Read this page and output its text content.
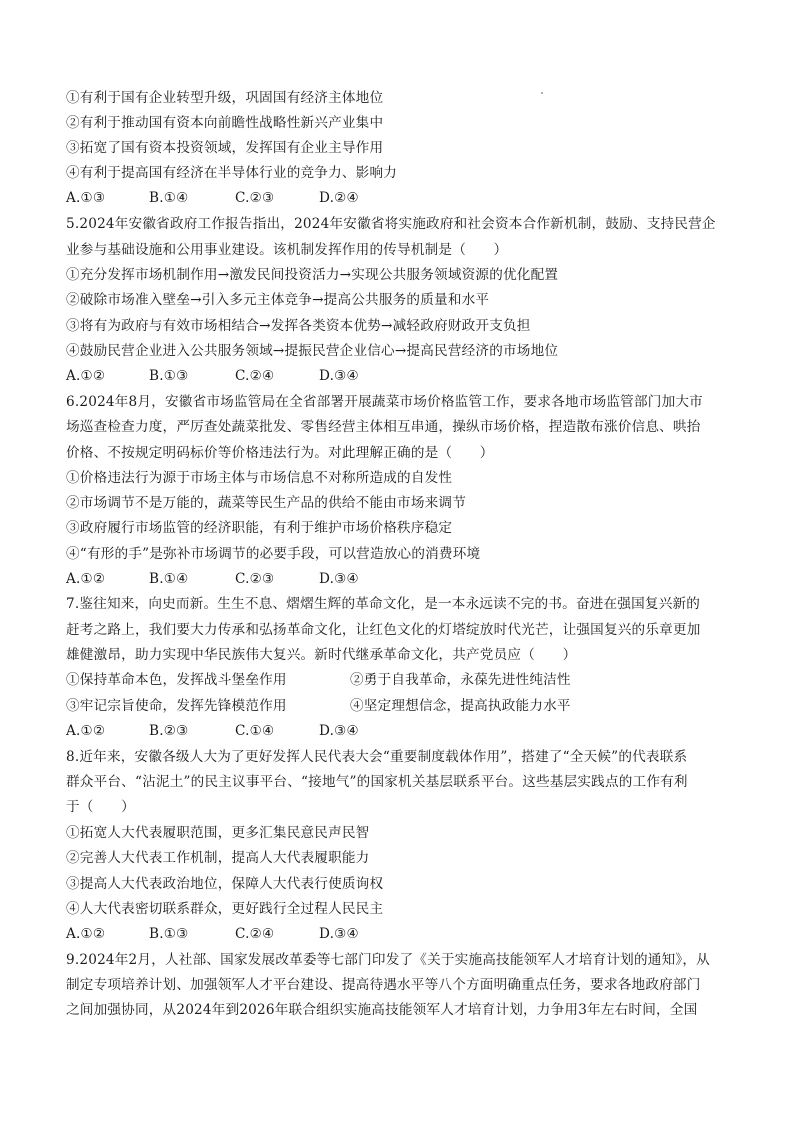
①有利于国有企业转型升级，巩固国有经济主体地位
②有利于推动国有资本向前瞻性战略性新兴产业集中
③拓宽了国有资本投资领域，发挥国有企业主导作用
④有利于提高国有经济在半导体行业的竞争力、影响力
A.①③	B.①④	C.②③	D.②④
5.2024年安徽省政府工作报告指出，2024年安徽省将实施政府和社会资本合作新机制，鼓励、支持民营企
业参与基础设施和公用事业建设。该机制发挥作用的传导机制是（　　）
①充分发挥市场机制作用→激发民间投资活力→实现公共服务领域资源的优化配置
②破除市场准入壁垒→引入多元主体竞争→提高公共服务的质量和水平
③将有为政府与有效市场相结合→发挥各类资本优势→减轻政府财政开支负担
④鼓励民营企业进入公共服务领域→提振民营企业信心→提高民营经济的市场地位
A.①②	B.①③	C.②④	D.③④
6.2024年8月，安徽省市场监管局在全省部署开展蔬菜市场价格监管工作，要求各地市场监管部门加大市
场巡查检查力度，严厉查处蔬菜批发、零售经营主体相互串通，操纵市场价格，捏造散布涨价信息、哄抬
价格、不按规定明码标价等价格违法行为。对此理解正确的是（　　）
①价格违法行为源于市场主体与市场信息不对称所造成的自发性
②市场调节不是万能的，蔬菜等民生产品的供给不能由市场来调节
③政府履行市场监管的经济职能，有利于维护市场价格秩序稳定
④“有形的手”是弥补市场调节的必要手段，可以营造放心的消费环境
A.①②	B.①④	C.②③	D.③④
7.鉴往知来，向史而新。生生不息、熠熠生辉的革命文化，是一本永远读不完的书。奋进在强国复兴新的
赶考之路上，我们要大力传承和弘扬革命文化，让红色文化的灯塔绽放时代光芒，让强国复兴的乐章更加
雄健激昂，助力实现中华民族伟大复兴。新时代继承革命文化，共产党员应（　　）
①保持革命本色，发挥战斗堡垒作用	②勇于自我革命，永葆先进性纯洁性
③牢记宗旨使命，发挥先锋模范作用	④坚定理想信念，提高执政能力水平
A.①②	B.②③	C.①④	D.③④
8.近年来，安徽各级人大为了更好发挥人民代表大会“重要制度载体作用”，搭建了“全天候”的代表联系
群众平台、“沾泥土”的民主议事平台、“接地气”的国家机关基层联系平台。这些基层实践点的工作有利
于（　　）
①拓宽人大代表履职范围，更多汇集民意民声民智
②完善人大代表工作机制，提高人大代表履职能力
③提高人大代表政治地位，保障人大代表行使质询权
④人大代表密切联系群众，更好践行全过程人民民主
A.①②	B.①③	C.②④	D.③④
9.2024年2月，人社部、国家发展改革委等七部门印发了《关于实施高技能领军人才培育计划的通知》，从
制定专项培养计划、加强领军人才平台建设、提高待遇水平等八个方面明确重点任务，要求各地政府部门
之间加强协同，从2024年到2026年联合组织实施高技能领军人才培育计划，力争用3年左右时间，全国
